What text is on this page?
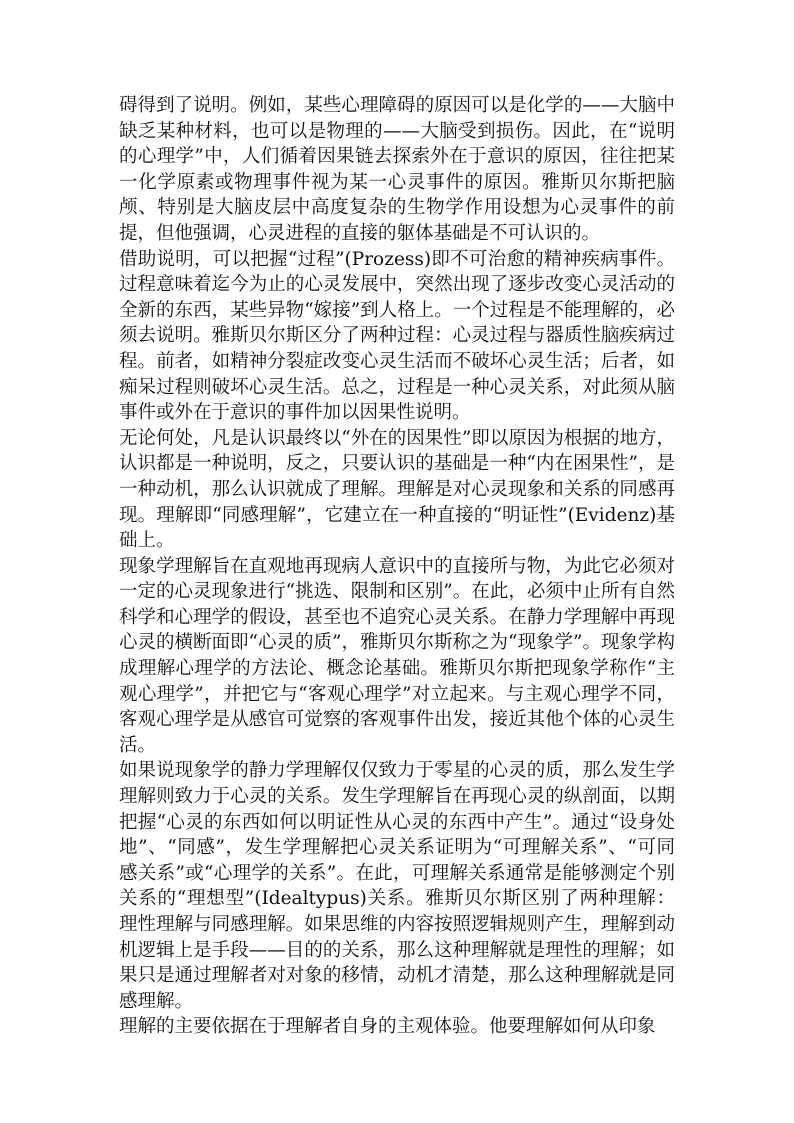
碍得到了说明。例如，某些心理障碍的原因可以是化学的——大脑中缺乏某种材料，也可以是物理的——大脑受到损伤。因此，在“说明的心理学”中，人们循着因果链去探索外在于意识的原因，往往把某一化学原素或物理事件视为某一心灵事件的原因。雅斯贝尔斯把脑颅、特别是大脑皮层中高度复杂的生物学作用设想为心灵事件的前提，但他强调，心灵进程的直接的躯体基础是不可认识的。

借助说明，可以把握“过程”(Prozess)即不可治愈的精神疾病事件。过程意味着迄今为止的心灵发展中，突然出现了逐步改变心灵活动的全新的东西，某些异物“嫁接”到人格上。一个过程是不能理解的，必须去说明。雅斯贝尔斯区分了两种过程：心灵过程与器质性脑疾病过程。前者，如精神分裂症改变心灵生活而不破坏心灵生活；后者，如痴呆过程则破坏心灵生活。总之，过程是一种心灵关系，对此须从脑事件或外在于意识的事件加以因果性说明。

无论何处，凡是认识最终以“外在的因果性”即以原因为根据的地方，认识都是一种说明，反之，只要认识的基础是一种“内在困果性”，是一种动机，那么认识就成了理解。理解是对心灵现象和关系的同感再现。理解即“同感理解”，它建立在一种直接的“明证性”(Evidenz)基础上。

现象学理解旨在直观地再现病人意识中的直接所与物，为此它必须对一定的心灵现象进行“挑选、限制和区别”。在此，必须中止所有自然科学和心理学的假设，甚至也不追究心灵关系。在静力学理解中再现心灵的横断面即“心灵的质”，雅斯贝尔斯称之为“现象学”。现象学构成理解心理学的方法论、概念论基础。雅斯贝尔斯把现象学称作“主观心理学”，并把它与“客观心理学”对立起来。与主观心理学不同，客观心理学是从感官可觉察的客观事件出发，接近其他个体的心灵生活。

如果说现象学的静力学理解仅仅致力于零星的心灵的质，那么发生学理解则致力于心灵的关系。发生学理解旨在再现心灵的纵剖面，以期把握“心灵的东西如何以明证性从心灵的东西中产生”。通过“设身处地”、“同感”，发生学理解把心灵关系证明为“可理解关系”、“可同感关系”或“心理学的关系”。在此，可理解关系通常是能够测定个别关系的“理想型”(Idealtypus)关系。雅斯贝尔斯区别了两种理解：理性理解与同感理解。如果思维的内容按照逻辑规则产生，理解到动机逻辑上是手段——目的的关系，那么这种理解就是理性的理解；如果只是通过理解者对对象的移情，动机才清楚，那么这种理解就是同感理解。

理解的主要依据在于理解者自身的主观体验。他要理解如何从印象
